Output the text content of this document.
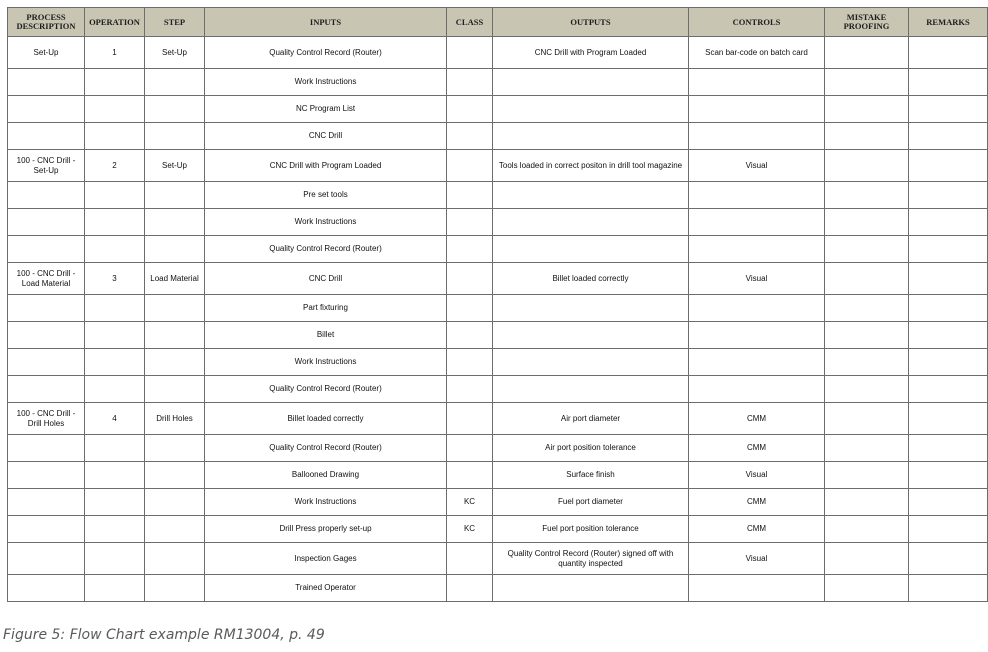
PROCESS DESCRIPTION	OPERATION	STEP	INPUTS	CLASS	OUTPUTS	CONTROLS	MISTAKE PROOFING	REMARKS
Set-Up	1	Set-Up	Quality Control Record (Router)		CNC Drill with Program Loaded	Scan bar-code on batch card		
			Work Instructions					
			NC Program List					
			CNC Drill					
100 - CNC Drill - Set-Up	2	Set-Up	CNC Drill with Program Loaded		Tools loaded in correct positon in drill tool magazine	Visual		
			Pre set tools					
			Work Instructions					
			Quality Control Record (Router)					
100 - CNC Drill - Load Material	3	Load Material	CNC Drill		Billet loaded correctly	Visual		
			Part fixturing					
			Billet					
			Work Instructions					
			Quality Control Record (Router)					
100 - CNC Drill - Drill Holes	4	Drill Holes	Billet loaded correctly		Air port diameter	CMM		
			Quality Control Record (Router)		Air port position tolerance	CMM		
			Ballooned Drawing		Surface finish	Visual		
			Work Instructions	KC	Fuel port diameter	CMM		
			Drill Press properly set-up	KC	Fuel port position tolerance	CMM		
			Inspection Gages		Quality Control Record (Router) signed off with quantity inspected	Visual		
			Trained Operator					
Figure 5: Flow Chart example RM13004, p. 49
